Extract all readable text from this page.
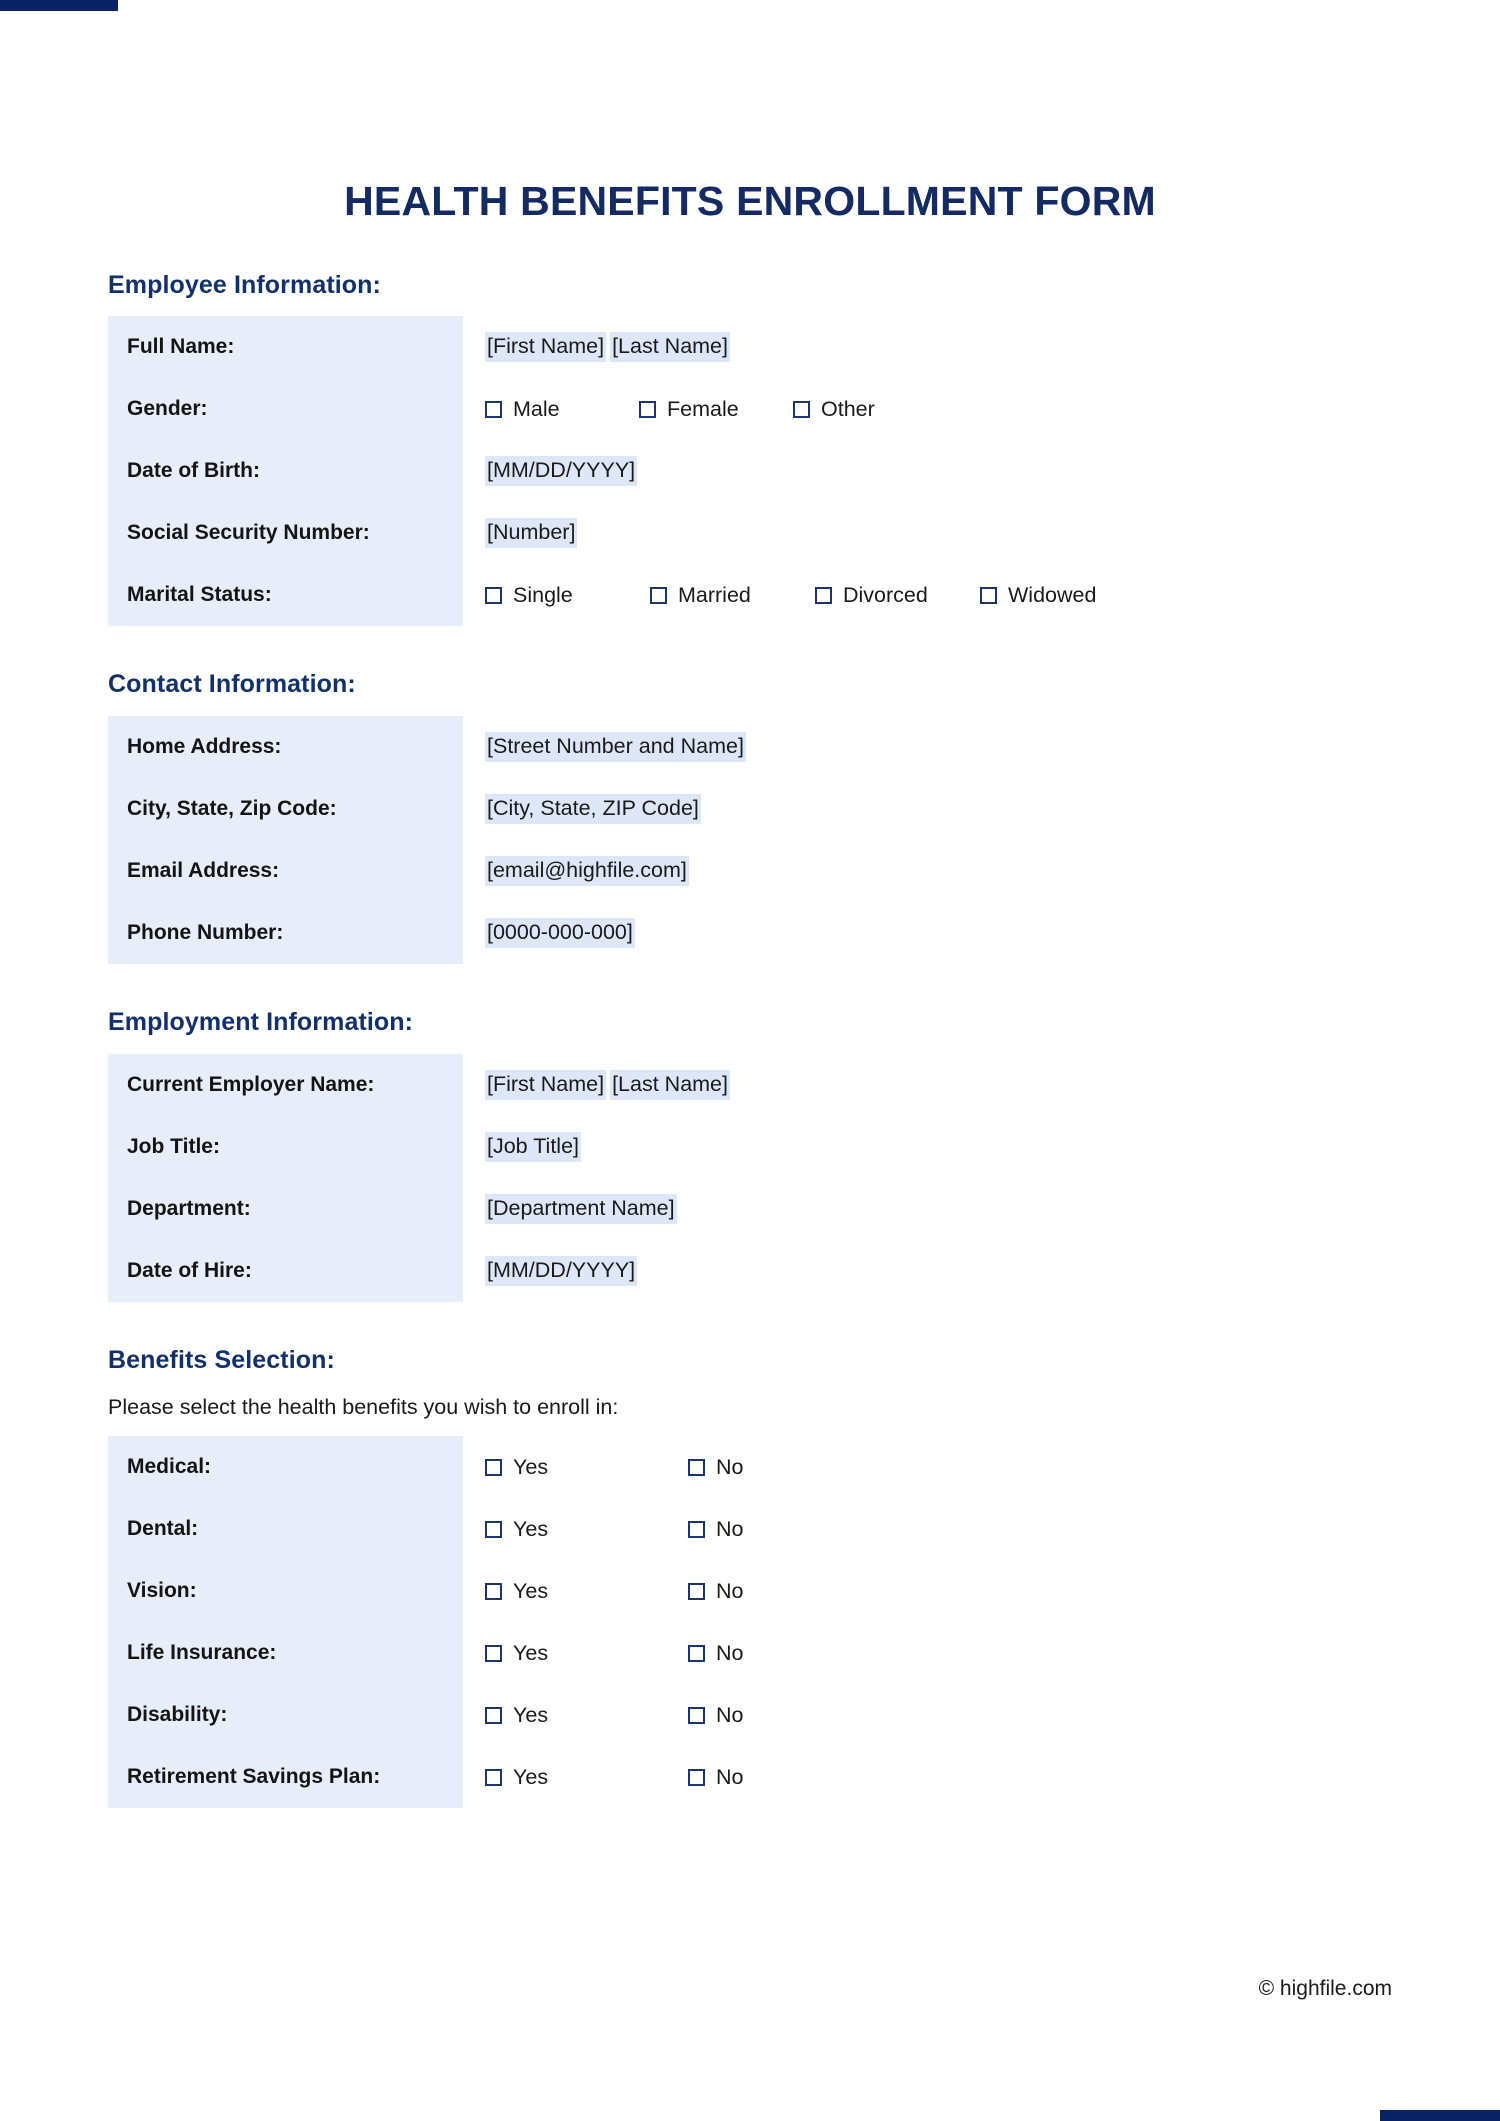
HEALTH BENEFITS ENROLLMENT FORM
Employee Information:
Full Name:	[First Name] [Last Name]
Gender:	Male	Female	Other

Date of Birth:	[MM/DD/YYYY]
Social Security Number:	[Number]
Marital Status:	Single	Married	Divorced	Widowed
Contact Information:
Home Address:	[Street Number and Name]
City, State, Zip Code:	[City, State, ZIP Code]
Email Address:	[email@highfile.com]
Phone Number:	[0000-000-000]
Employment Information:
Current Employer Name:	[First Name] [Last Name]
Job Title:	[Job Title]
Department:	[Department Name]
Date of Hire:	[MM/DD/YYYY]
Benefits Selection:
Please select the health benefits you wish to enroll in:
Medical:	Yes	No

Dental:	Yes	No

Vision:	Yes	No

Life Insurance:	Yes	No

Disability:	Yes	No

Retirement Savings Plan:	Yes	No
© highfile.com
